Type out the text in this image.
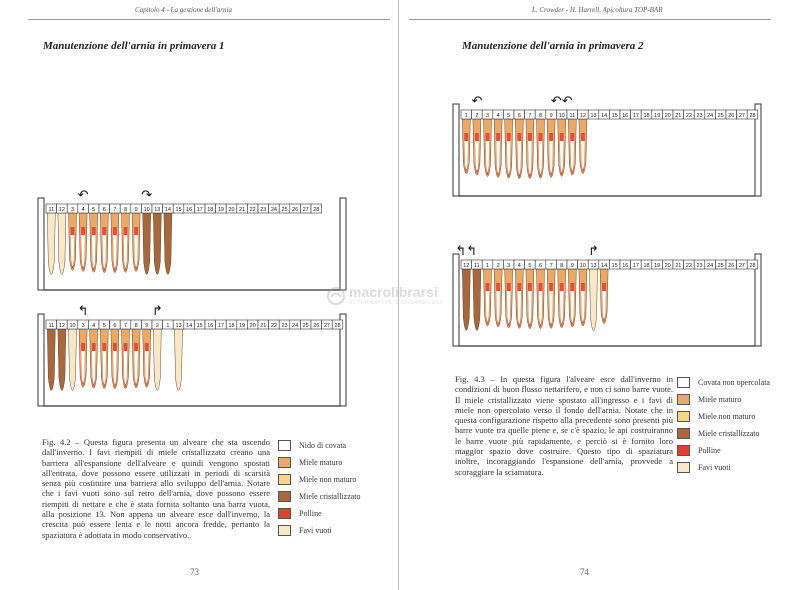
Capitolo 4 - La gestione dell'arnia
Manutenzione dell'arnia in primavera 1
11 12 3 4 5 6 7 8 9 10 13 14 15 16 17 18 19 20 21 22 23 24 25 26 27 28
↶	↷
11 12 10 3 4 5 6 7 8 9 2 1 13 14 15 16 17 18 19 20 21 22 23 24 25 26 27 28
↰	↱
Fig. 4.2 – Questa figura presenta un alveare che sta uscendo dall'inverno. I favi riempiti di miele cristallizzato creano una barriera all'espansione dell'alveare e quindi vengono spostati all'entrata, dove possono essere utilizzati in periodi di scarsità senza più costituire una barriera allo sviluppo dell'arnia. Notare che i favi vuoti sono sul retro dell'arnia, dove possono essere riempiti di nettare e che è stata fornita soltanto una barra vuota, alla posizione 13. Non appena un alveare esce dall'inverno, la crescita può essere lenta e le notti ancora fredde, pertanto la spaziatura è adottata in modo conservativo.
Nido di covata
Miele maturo
Miele non maturo
Miele cristallizzato
Polline
Favi vuoti
73
L. Crowder - H. Harrell, Apicoltura TOP-BAR
Manutenzione dell'arnia in primavera 2
1 2 3 4 5 6 7 8 9 10 11 12 13 14 15 16 17 18 19 20 21 22 23 24 25 26 27 28
↶	↶↶
12 11 1 2 3 4 5 6 7 8 9 10 13 14 15 16 17 18 19 20 21 22 23 24 25 26 27 28
↰↰	↱
Fig. 4.3 – In questa figura l'alveare esce dall'inverno in condizioni di buon flusso nettarifero, e non ci sono barre vuote. Il miele cristallizzato viene spostato all'ingresso e i favi di miele non opercolato verso il fondo dell'arnia. Notate che in questa configurazione rispetto alla precedente sono presenti più barre vuote tra quelle piene e, se c'è spazio, le api costruiranno le barre vuote più rapidamente, e perciò si è fornito loro maggior spazio dove costruire. Questo tipo di spaziatura inoltre, incoraggiando l'espansione dell'arnia, provvede a scoraggiare la sciamatura.
Covata non opercolata
Miele maturo
Miele non maturo
Miele cristallizzato
Polline
Favi vuoti
74
macrolibrarsi
ALTERNATIVE CONSAPEVOLI
